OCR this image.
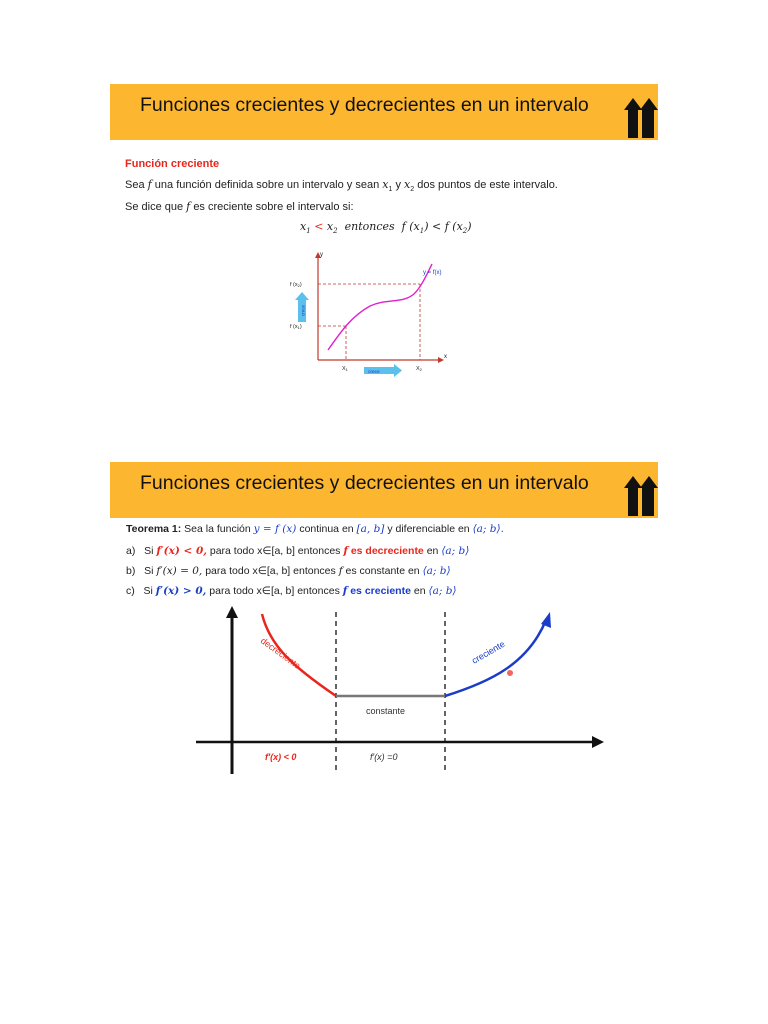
Funciones crecientes y decrecientes en un intervalo
Función creciente
Sea f una función definida sobre un intervalo y sean $x_1$ y $x_2$ dos puntos de este intervalo.
Se dice que f es creciente sobre el intervalo si:
$x_1 < x_2$ entonces f $(x_1) < f$ $(x_2)$
y = f(x)
y
x
f (x2)
f (x1)
X1	X2
crece
crece
Funciones crecientes y decrecientes en un intervalo
Teorema 1: Sea la función y = f (x) continua en [a, b] y diferenciable en ⟨a; b⟩.
a) Si f′(x) < 0, para todo x∈[a, b] entonces f es decreciente en ⟨a; b⟩
b) Si f′(x) = 0, para todo x∈[a, b] entonces f es constante en ⟨a; b⟩
c) Si f′(x) > 0, para todo x∈[a, b] entonces f es creciente en ⟨a; b⟩
decreciente
constante
creciente
f′(x) < 0	f′(x) =0
